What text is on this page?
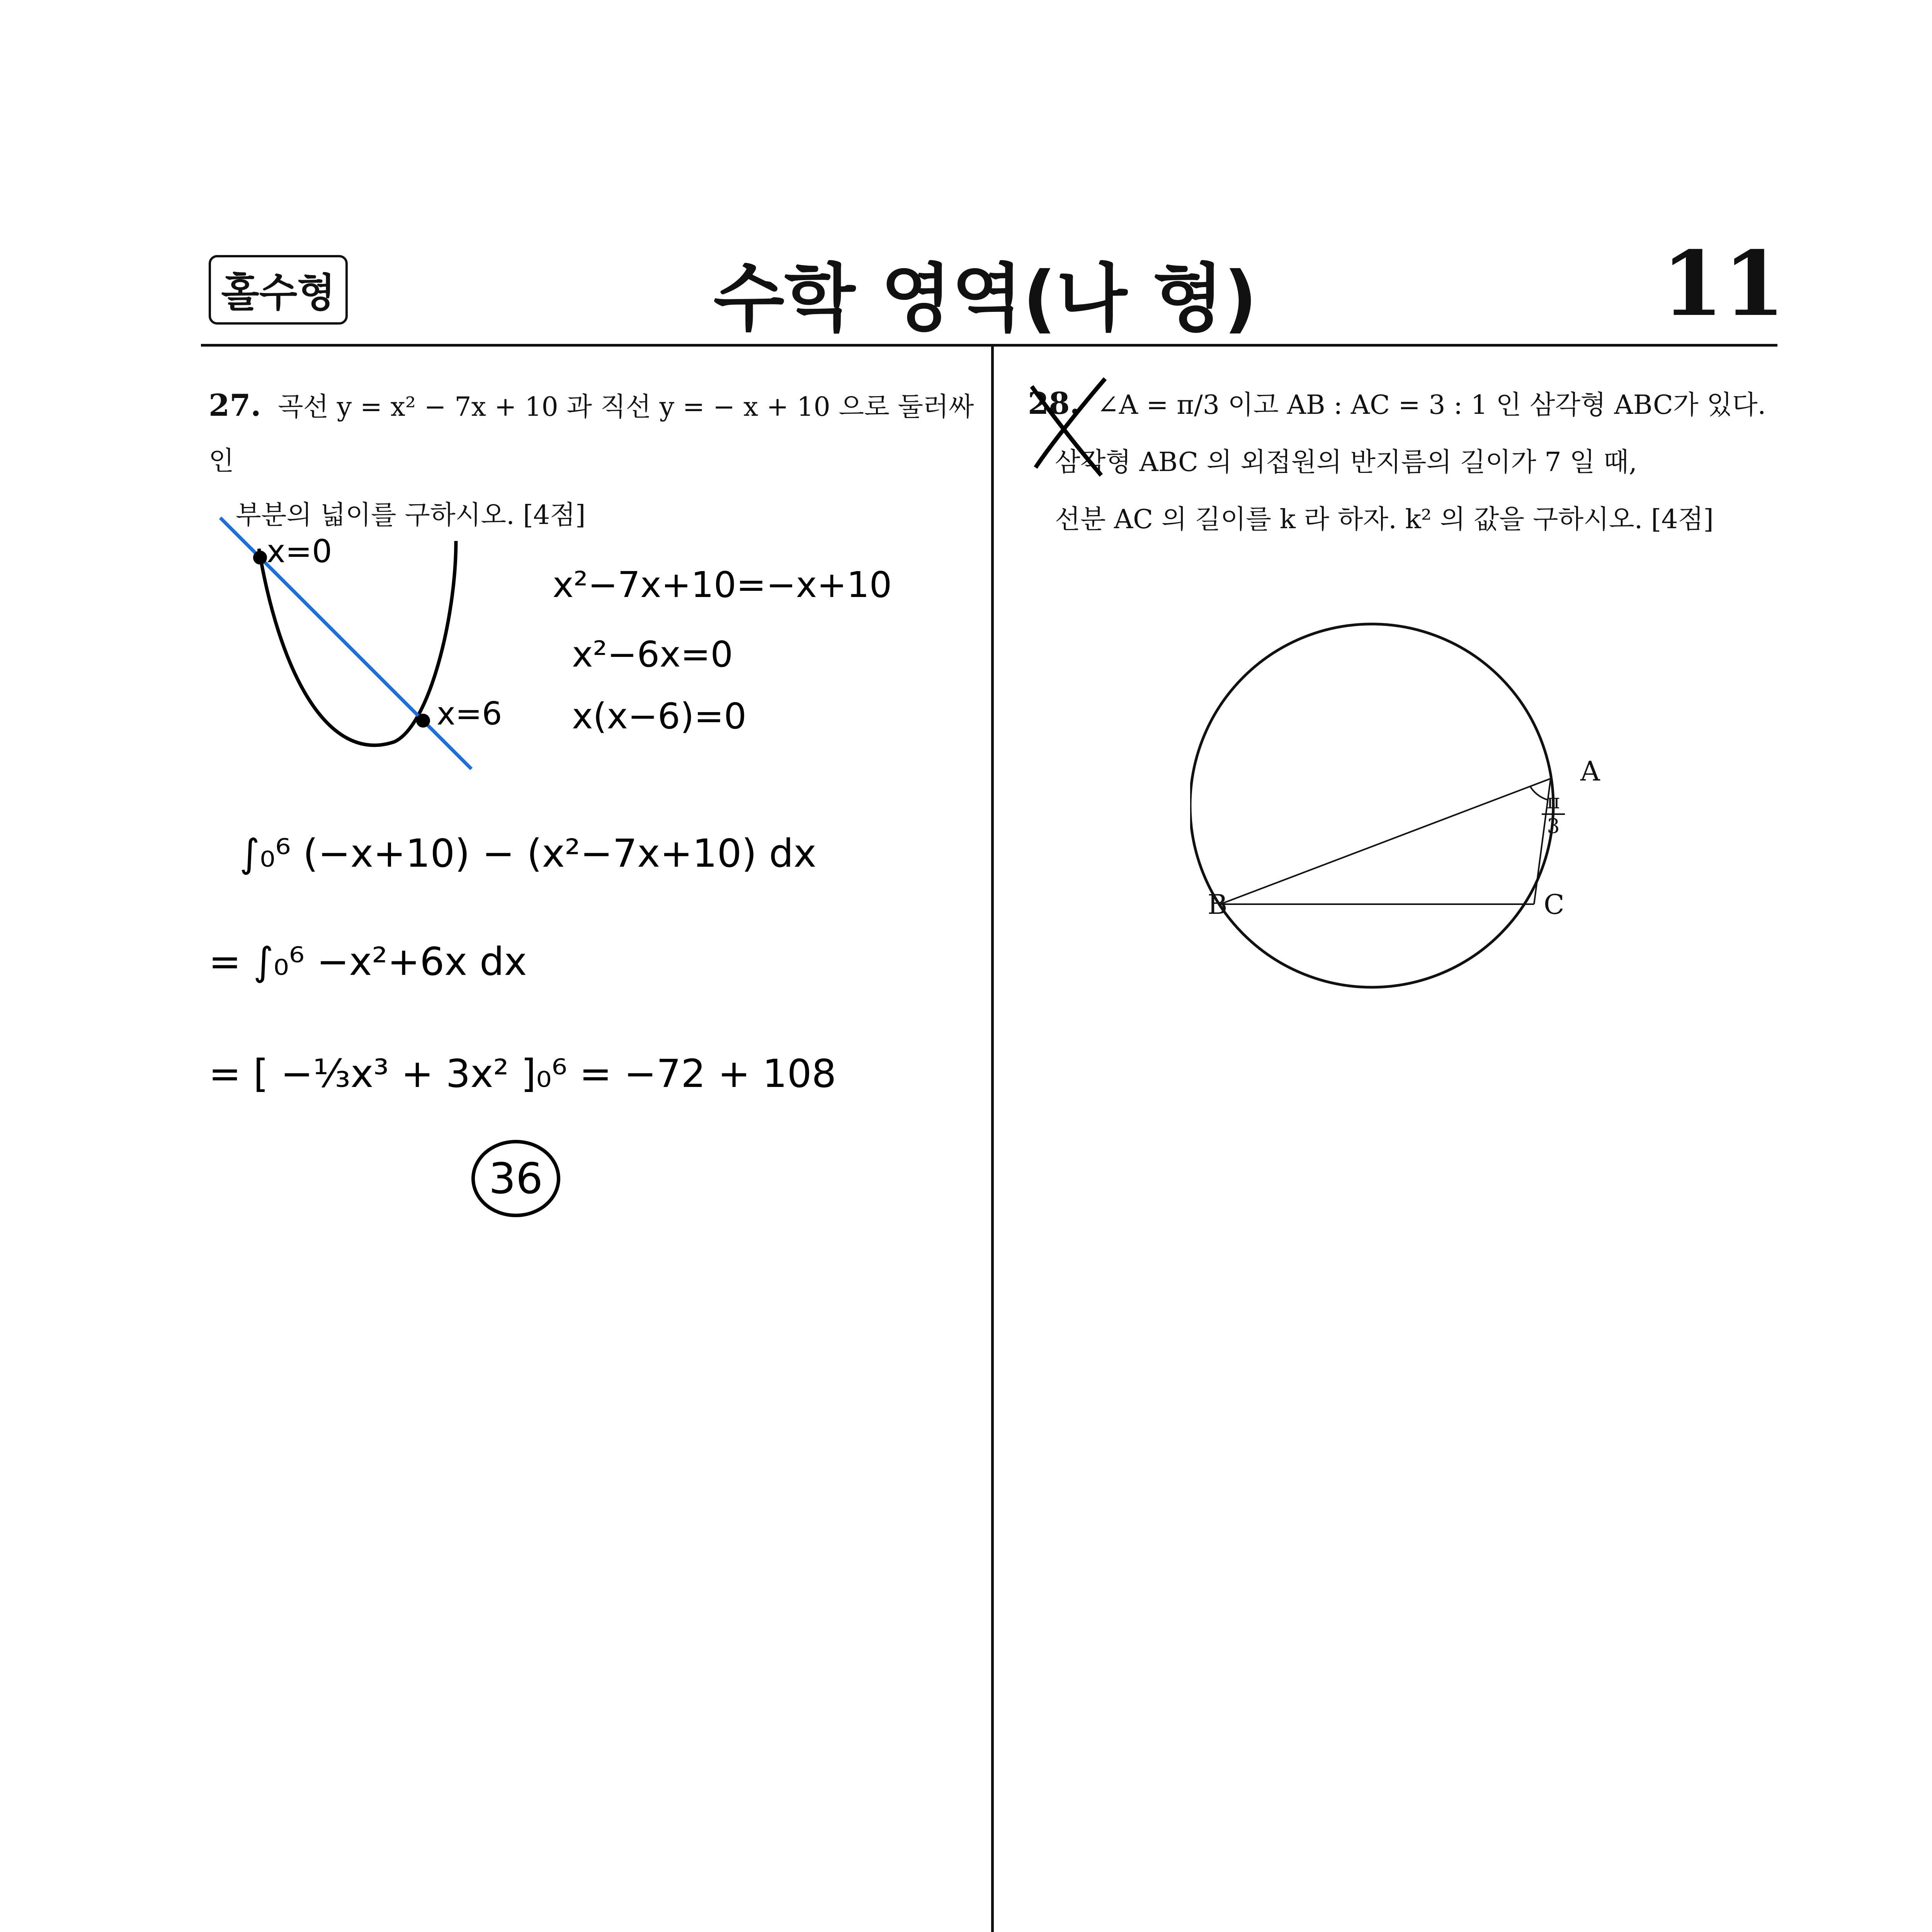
홀수형	수학 영역(나 형)	11
27. 곡선 y = x² − 7x + 10 과 직선 y = − x + 10 으로 둘러싸인
부분의 넓이를 구하시오. [4점]
x=0
x=6
x²−7x+10=−x+10
x²−6x=0
x(x−6)=0
∫₀⁶ (−x+10) − (x²−7x+10) dx
= ∫₀⁶ −x²+6x dx
= [ −⅓x³ + 3x² ]₀⁶ = −72 + 108
36
28. ∠A = π/3 이고 AB : AC = 3 : 1 인 삼각형 ABC가 있다.
삼각형 ABC 의 외접원의 반지름의 길이가 7 일 때,
선분 AC 의 길이를 k 라 하자. k² 의 값을 구하시오. [4점]
A
B	C
$\frac{\pi}{3}$
